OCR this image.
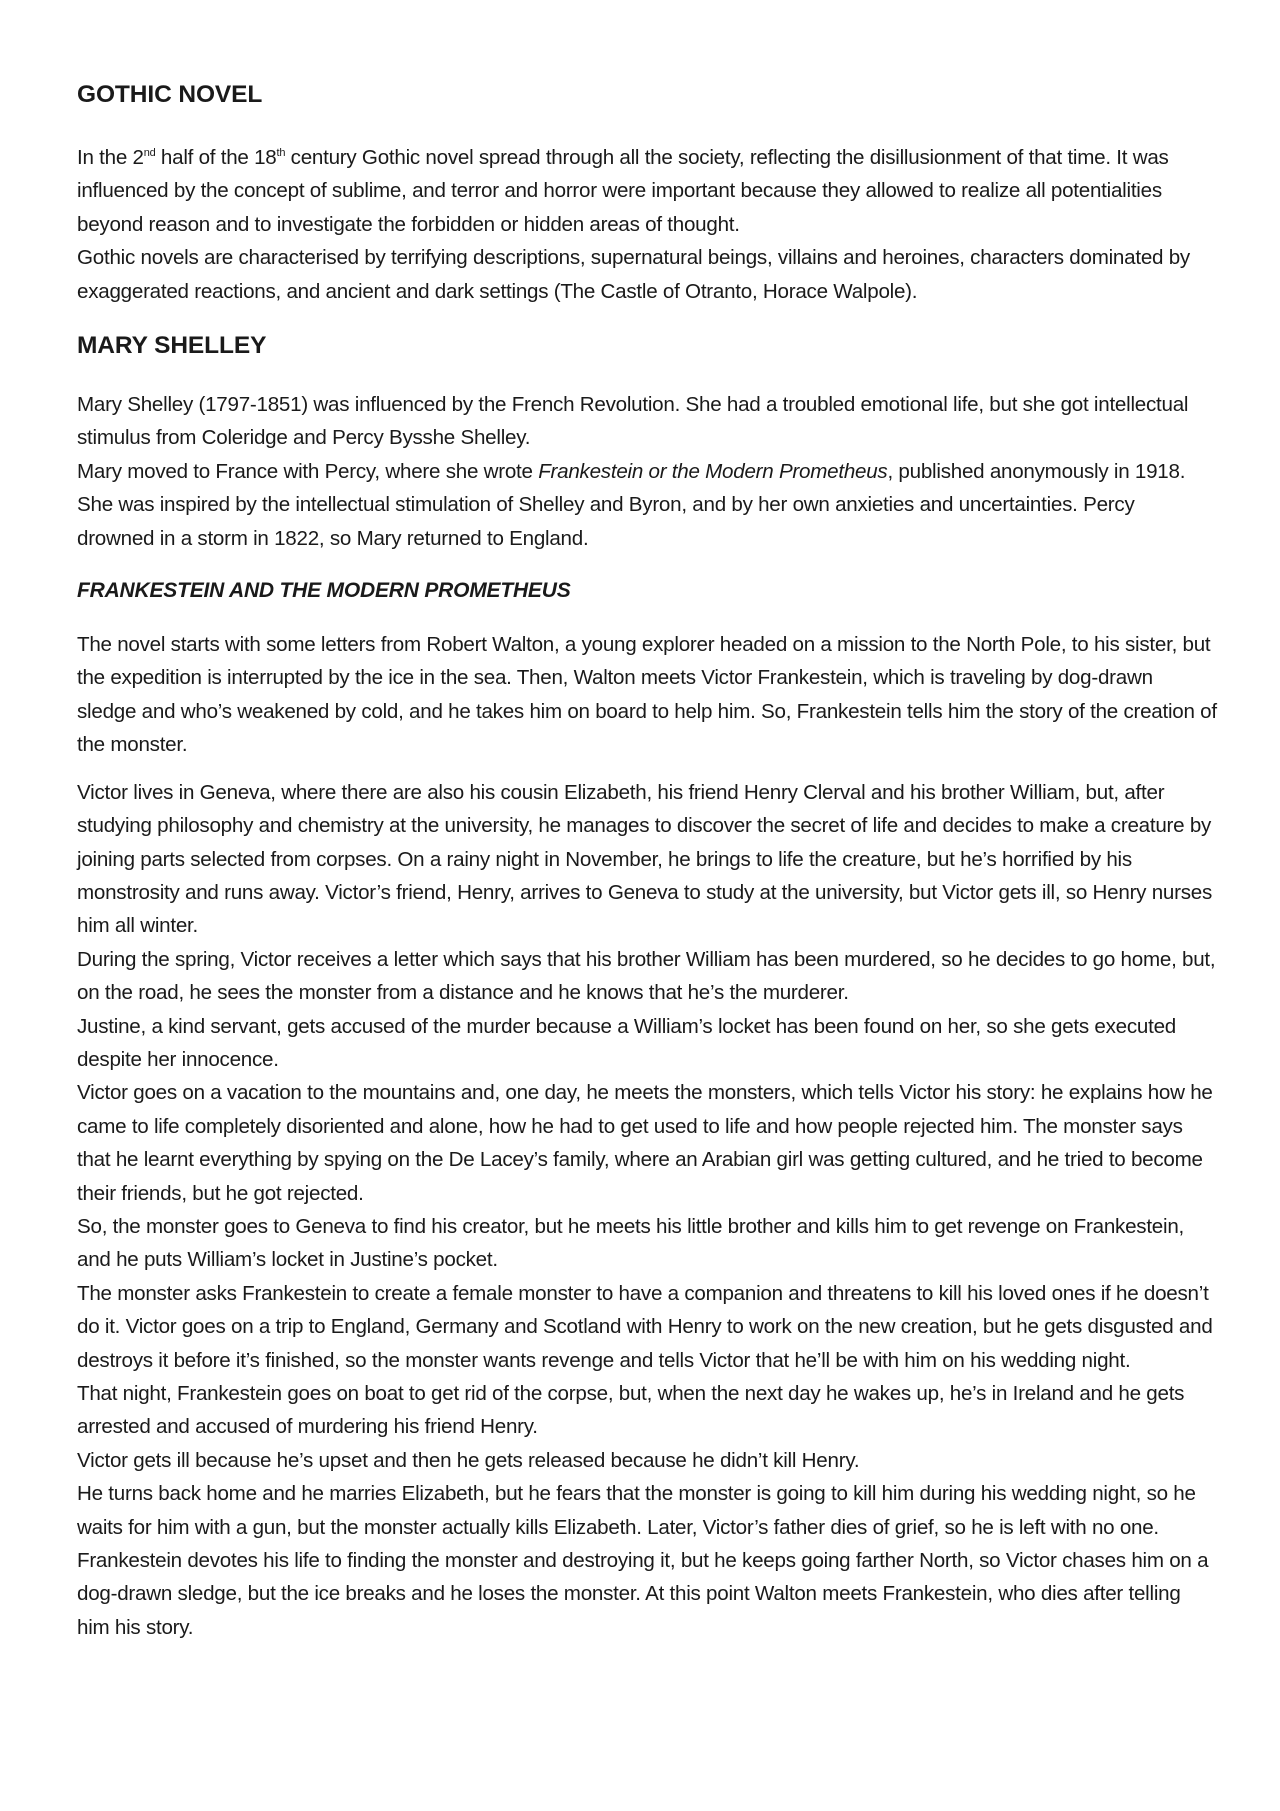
GOTHIC NOVEL

In the 2nd half of the 18th century Gothic novel spread through all the society, reflecting the disillusionment of that time. It was influenced by the concept of sublime, and terror and horror were important because they allowed to realize all potentialities beyond reason and to investigate the forbidden or hidden areas of thought.

Gothic novels are characterised by terrifying descriptions, supernatural beings, villains and heroines, characters dominated by exaggerated reactions, and ancient and dark settings (The Castle of Otranto, Horace Walpole).

MARY SHELLEY

Mary Shelley (1797-1851) was influenced by the French Revolution. She had a troubled emotional life, but she got intellectual stimulus from Coleridge and Percy Bysshe Shelley.

Mary moved to France with Percy, where she wrote Frankestein or the Modern Prometheus, published anonymously in 1918. She was inspired by the intellectual stimulation of Shelley and Byron, and by her own anxieties and uncertainties. Percy drowned in a storm in 1822, so Mary returned to England.

FRANKESTEIN AND THE MODERN PROMETHEUS

The novel starts with some letters from Robert Walton, a young explorer headed on a mission to the North Pole, to his sister, but the expedition is interrupted by the ice in the sea. Then, Walton meets Victor Frankestein, which is traveling by dog-drawn sledge and who’s weakened by cold, and he takes him on board to help him. So, Frankestein tells him the story of the creation of the monster.

Victor lives in Geneva, where there are also his cousin Elizabeth, his friend Henry Clerval and his brother William, but, after studying philosophy and chemistry at the university, he manages to discover the secret of life and decides to make a creature by joining parts selected from corpses. On a rainy night in November, he brings to life the creature, but he’s horrified by his monstrosity and runs away. Victor’s friend, Henry, arrives to Geneva to study at the university, but Victor gets ill, so Henry nurses him all winter.

During the spring, Victor receives a letter which says that his brother William has been murdered, so he decides to go home, but, on the road, he sees the monster from a distance and he knows that he’s the murderer.

Justine, a kind servant, gets accused of the murder because a William’s locket has been found on her, so she gets executed despite her innocence.

Victor goes on a vacation to the mountains and, one day, he meets the monsters, which tells Victor his story: he explains how he came to life completely disoriented and alone, how he had to get used to life and how people rejected him. The monster says that he learnt everything by spying on the De Lacey’s family, where an Arabian girl was getting cultured, and he tried to become their friends, but he got rejected.

So, the monster goes to Geneva to find his creator, but he meets his little brother and kills him to get revenge on Frankestein, and he puts William’s locket in Justine’s pocket.

The monster asks Frankestein to create a female monster to have a companion and threatens to kill his loved ones if he doesn’t do it. Victor goes on a trip to England, Germany and Scotland with Henry to work on the new creation, but he gets disgusted and destroys it before it’s finished, so the monster wants revenge and tells Victor that he’ll be with him on his wedding night.

That night, Frankestein goes on boat to get rid of the corpse, but, when the next day he wakes up, he’s in Ireland and he gets arrested and accused of murdering his friend Henry.

Victor gets ill because he’s upset and then he gets released because he didn’t kill Henry.

He turns back home and he marries Elizabeth, but he fears that the monster is going to kill him during his wedding night, so he waits for him with a gun, but the monster actually kills Elizabeth. Later, Victor’s father dies of grief, so he is left with no one.

Frankestein devotes his life to finding the monster and destroying it, but he keeps going farther North, so Victor chases him on a dog-drawn sledge, but the ice breaks and he loses the monster. At this point Walton meets Frankestein, who dies after telling him his story.
